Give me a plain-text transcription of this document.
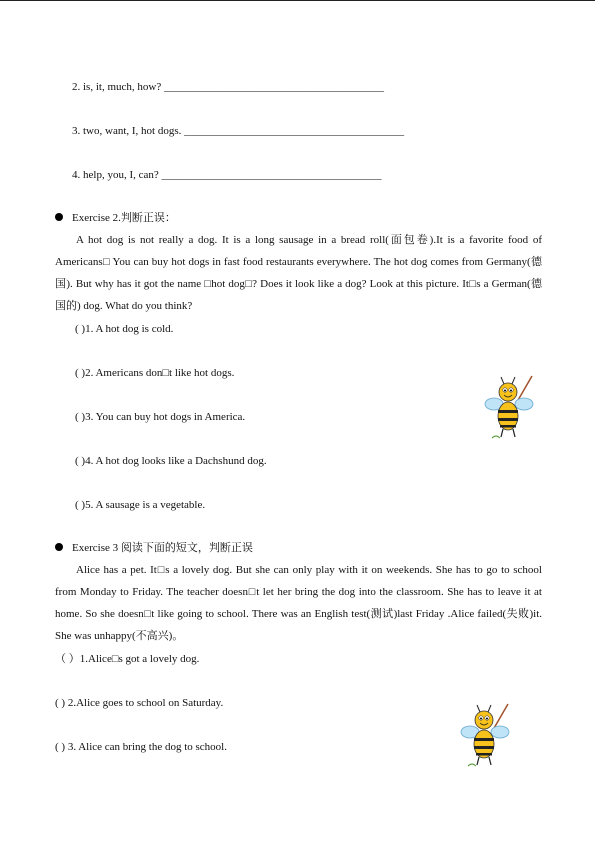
2. is, it, much, how? ________________________________________
3. two, want, I, hot dogs. ________________________________________
4. help, you, I, can? ________________________________________
Exercise 2.判断正误：
A hot dog is not really a dog. It is a long sausage in a bread roll(面包卷).It is a favorite food of Americans□ You can buy hot dogs in fast food restaurants everywhere. The hot dog comes from Germany(德国). But why has it got the name □hot dog□? Does it look like a dog? Look at this picture. It□s a German(德国的) dog. What do you think?
( )1. A hot dog is cold.
( )2. Americans don□t like hot dogs.
( )3. You can buy hot dogs in America.
( )4. A hot dog looks like a Dachshund dog.
( )5. A sausage is a vegetable.
Exercise 3 阅读下面的短文，判断正误
Alice has a pet. It□s a lovely dog. But she can only play with it on weekends. She has to go to school from Monday to Friday. The teacher doesn□t let her bring the dog into the classroom. She has to leave it at home. So she doesn□t like going to school. There was an English test(测试)last Friday .Alice failed(失败)it. She was unhappy(不高兴)。
（ ）1.Alice□s got a lovely dog.
( ) 2.Alice goes to school on Saturday.
( ) 3. Alice can bring the dog to school.
